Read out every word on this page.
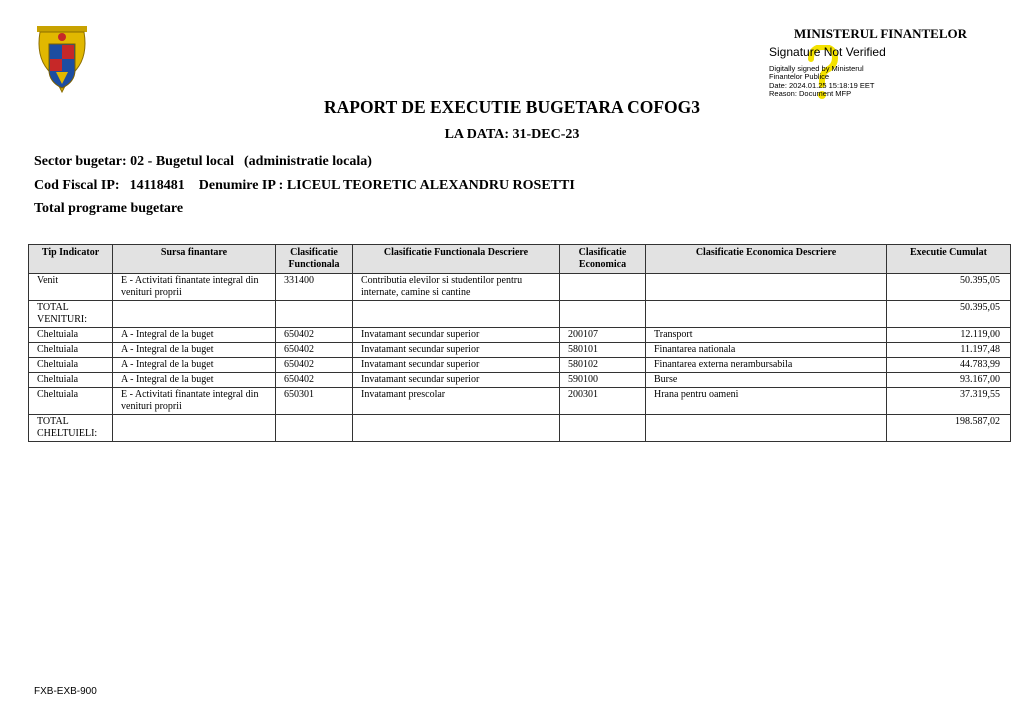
MINISTERUL FINANTELOR
Signature Not Verified
Digitally signed by Ministerul
Finantelor Publice
Date: 2024.01.25 15:18:19 EET
Reason: Document MFP
RAPORT DE EXECUTIE BUGETARA COFOG3
LA DATA: 31-DEC-23
Sector bugetar: 02 - Bugetul local (administratie locala)
Cod Fiscal IP: 14118481 Denumire IP : LICEUL TEORETIC ALEXANDRU ROSETTI
Total programe bugetare
Tip Indicator	Sursa finantare	Clasificatie Functionala	Clasificatie Functionala Descriere	Clasificatie Economica	Clasificatie Economica Descriere	Executie Cumulat
Venit	E - Activitati finantate integral din venituri proprii	331400	Contributia elevilor si studentilor pentru internate, camine si cantine			50.395,05
TOTAL VENITURI:						50.395,05
Cheltuiala	A - Integral de la buget	650402	Invatamant secundar superior	200107	Transport	12.119,00
Cheltuiala	A - Integral de la buget	650402	Invatamant secundar superior	580101	Finantarea nationala	11.197,48
Cheltuiala	A - Integral de la buget	650402	Invatamant secundar superior	580102	Finantarea externa nerambursabila	44.783,99
Cheltuiala	A - Integral de la buget	650402	Invatamant secundar superior	590100	Burse	93.167,00
Cheltuiala	E - Activitati finantate integral din venituri proprii	650301	Invatamant prescolar	200301	Hrana pentru oameni	37.319,55
TOTAL CHELTUIELI:						198.587,02
FXB-EXB-900
